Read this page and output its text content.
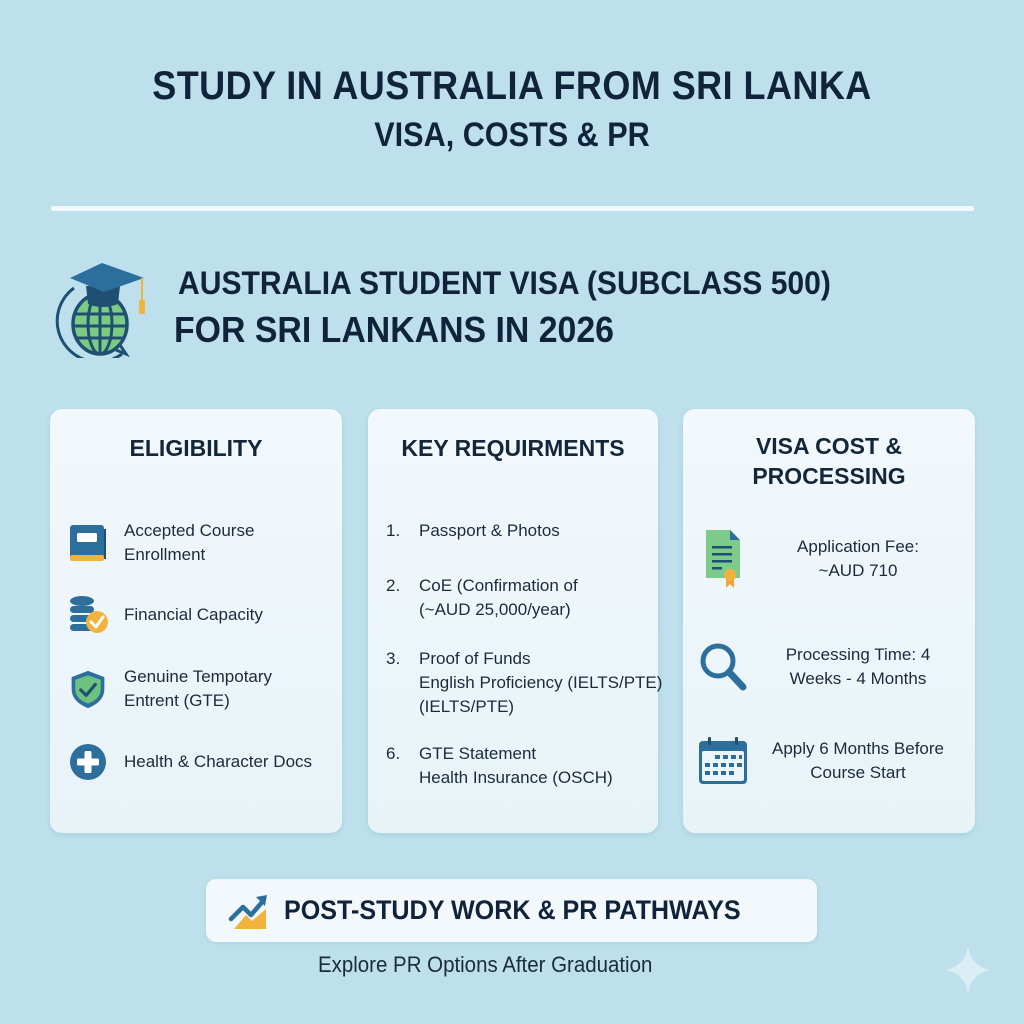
STUDY IN AUSTRALIA FROM SRI LANKA
VISA, COSTS & PR
AUSTRALIA STUDENT VISA (SUBCLASS 500)
FOR SRI LANKANS IN 2026
ELIGIBILITY
Accepted Course
Enrollment
Financial Capacity
Genuine Tempotary
Entrent (GTE)
Health & Character Docs
KEY REQUIRMENTS
1.	Passport & Photos
2.	CoE (Confirmation of
(~AUD 25,000/year)
3.	Proof of Funds
English Proficiency (IELTS/PTE)
(IELTS/PTE)
6.	GTE Statement
Health Insurance (OSCH)
VISA COST &
PROCESSING
Application Fee:
~AUD 710
Processing Time: 4
Weeks - 4 Months
Apply 6 Months Before
Course Start
POST-STUDY WORK & PR PATHWAYS
Explore PR Options After Graduation
